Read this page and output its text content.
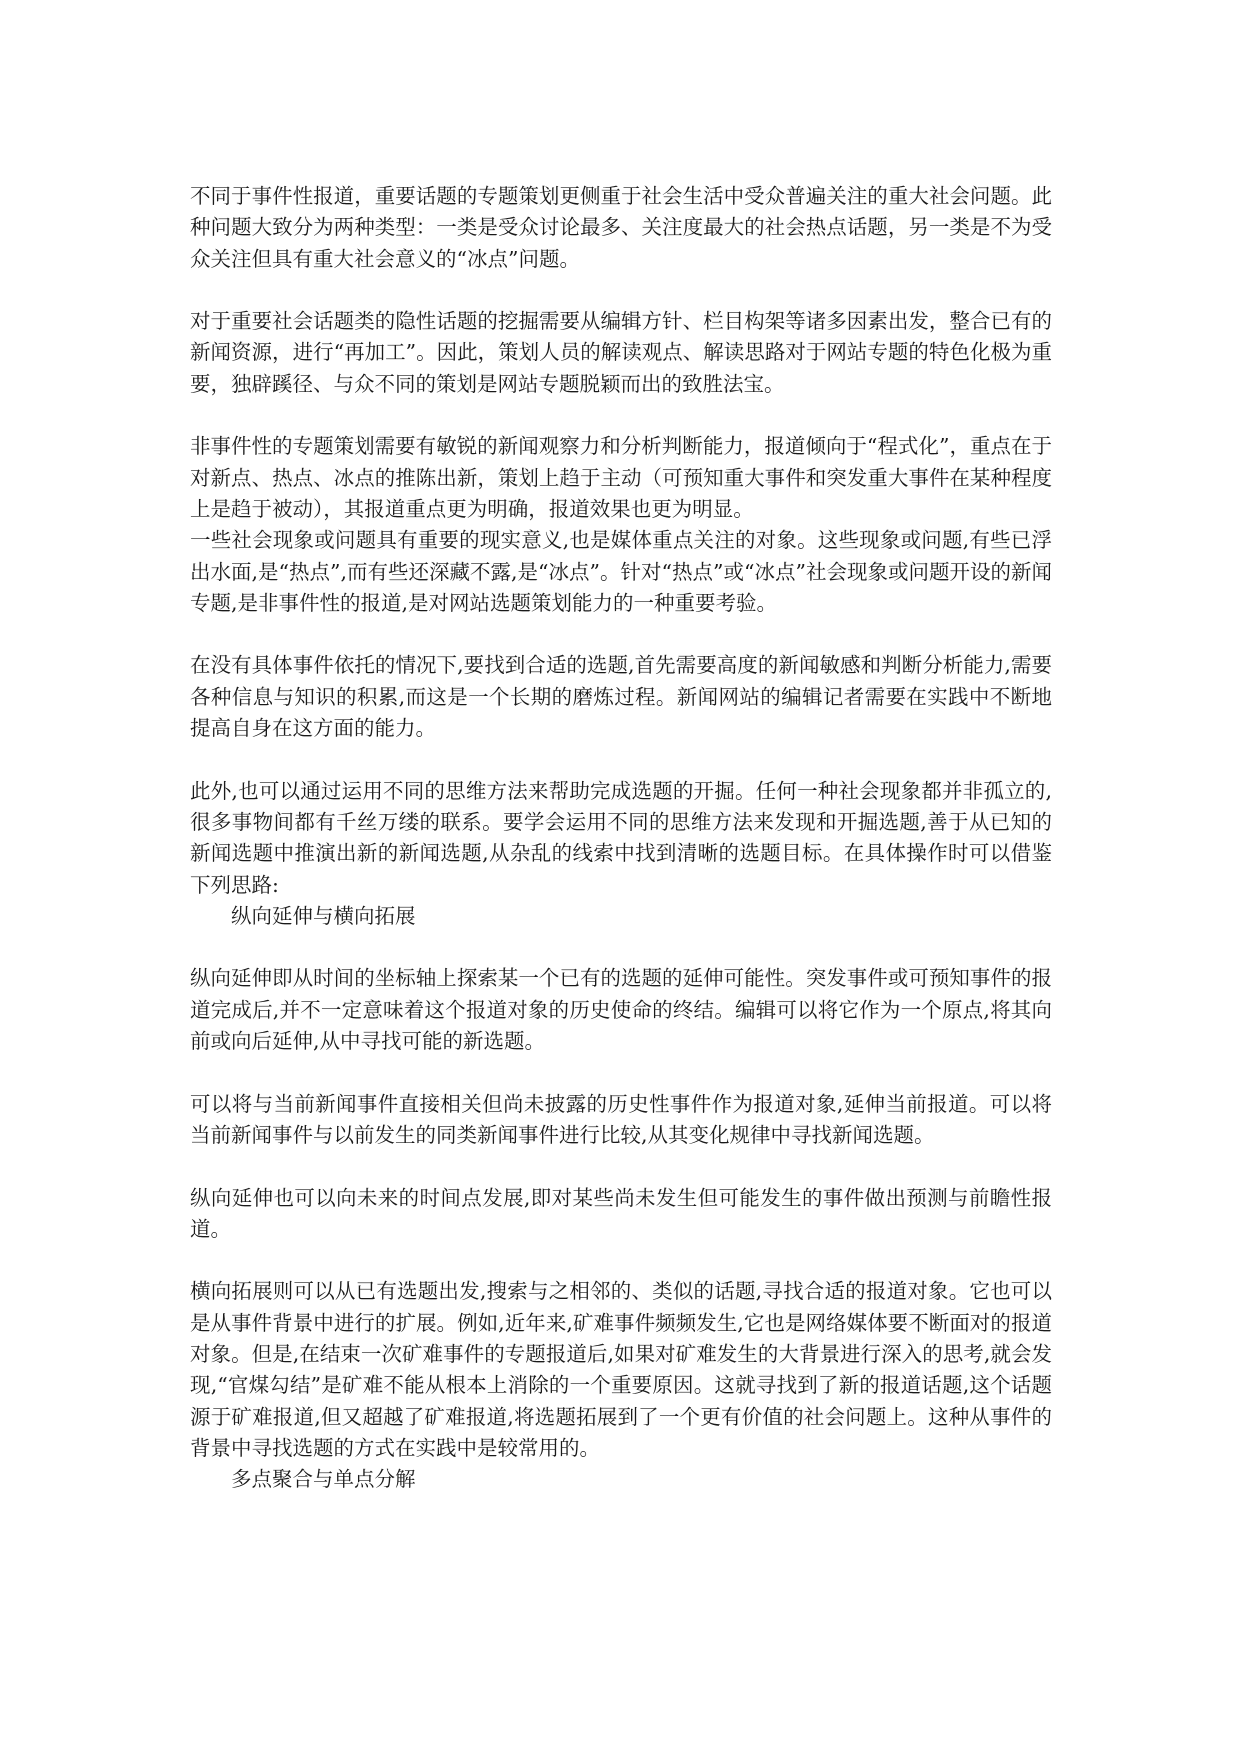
不同于事件性报道，重要话题的专题策划更侧重于社会生活中受众普遍关注的重大社会问题。此种问题大致分为两种类型：一类是受众讨论最多、关注度最大的社会热点话题，另一类是不为受众关注但具有重大社会意义的“冰点”问题。

对于重要社会话题类的隐性话题的挖掘需要从编辑方针、栏目构架等诸多因素出发，整合已有的新闻资源，进行“再加工”。因此，策划人员的解读观点、解读思路对于网站专题的特色化极为重要，独辟蹊径、与众不同的策划是网站专题脱颖而出的致胜法宝。

非事件性的专题策划需要有敏锐的新闻观察力和分析判断能力，报道倾向于“程式化”，重点在于对新点、热点、冰点的推陈出新，策划上趋于主动（可预知重大事件和突发重大事件在某种程度上是趋于被动），其报道重点更为明确，报道效果也更为明显。

一些社会现象或问题具有重要的现实意义,也是媒体重点关注的对象。这些现象或问题,有些已浮出水面,是“热点”,而有些还深藏不露,是“冰点”。针对“热点”或“冰点”社会现象或问题开设的新闻专题,是非事件性的报道,是对网站选题策划能力的一种重要考验。

在没有具体事件依托的情况下,要找到合适的选题,首先需要高度的新闻敏感和判断分析能力,需要各种信息与知识的积累,而这是一个长期的磨炼过程。新闻网站的编辑记者需要在实践中不断地提高自身在这方面的能力。

此外,也可以通过运用不同的思维方法来帮助完成选题的开掘。任何一种社会现象都并非孤立的,很多事物间都有千丝万缕的联系。要学会运用不同的思维方法来发现和开掘选题,善于从已知的新闻选题中推演出新的新闻选题,从杂乱的线索中找到清晰的选题目标。在具体操作时可以借鉴下列思路:

纵向延伸与横向拓展

纵向延伸即从时间的坐标轴上探索某一个已有的选题的延伸可能性。突发事件或可预知事件的报道完成后,并不一定意味着这个报道对象的历史使命的终结。编辑可以将它作为一个原点,将其向前或向后延伸,从中寻找可能的新选题。

可以将与当前新闻事件直接相关但尚未披露的历史性事件作为报道对象,延伸当前报道。可以将当前新闻事件与以前发生的同类新闻事件进行比较,从其变化规律中寻找新闻选题。

纵向延伸也可以向未来的时间点发展,即对某些尚未发生但可能发生的事件做出预测与前瞻性报道。

横向拓展则可以从已有选题出发,搜索与之相邻的、类似的话题,寻找合适的报道对象。它也可以是从事件背景中进行的扩展。例如,近年来,矿难事件频频发生,它也是网络媒体要不断面对的报道对象。但是,在结束一次矿难事件的专题报道后,如果对矿难发生的大背景进行深入的思考,就会发现,“官煤勾结”是矿难不能从根本上消除的一个重要原因。这就寻找到了新的报道话题,这个话题源于矿难报道,但又超越了矿难报道,将选题拓展到了一个更有价值的社会问题上。这种从事件的背景中寻找选题的方式在实践中是较常用的。

多点聚合与单点分解
